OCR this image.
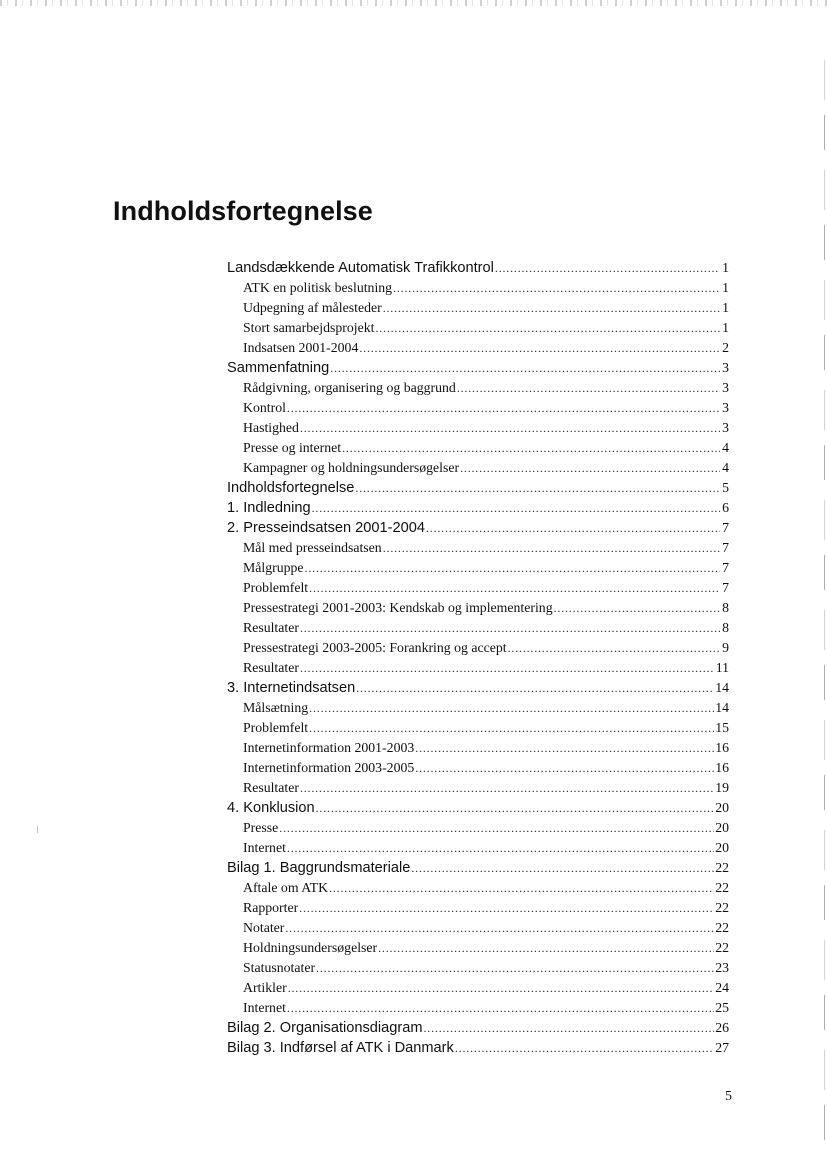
Indholdsfortegnelse
Landsdækkende Automatisk Trafikkontrol .....	1
ATK en politisk beslutning .....	1
Udpegning af målesteder .....	1
Stort samarbejdsprojekt .....	1
Indsatsen 2001-2004 .....	2
Sammenfatning .....	3
Rådgivning, organisering og baggrund .....	3
Kontrol .....	3
Hastighed .....	3
Presse og internet .....	4
Kampagner og holdningsundersøgelser .....	4
Indholdsfortegnelse .....	5
1. Indledning .....	6
2. Presseindsatsen 2001-2004 .....	7
Mål med presseindsatsen .....	7
Målgruppe .....	7
Problemfelt .....	7
Pressestrategi 2001-2003: Kendskab og implementering .....	8
Resultater .....	8
Pressestrategi 2003-2005: Forankring og accept .....	9
Resultater .....	11
3. Internetindsatsen .....	14
Målsætning .....	14
Problemfelt .....	15
Internetinformation 2001-2003 .....	16
Internetinformation 2003-2005 .....	16
Resultater .....	19
4. Konklusion .....	20
Presse .....	20
Internet .....	20
Bilag 1. Baggrundsmateriale .....	22
Aftale om ATK .....	22
Rapporter .....	22
Notater .....	22
Holdningsundersøgelser .....	22
Statusnotater .....	23
Artikler .....	24
Internet .....	25
Bilag 2. Organisationsdiagram .....	26
Bilag 3. Indførsel af ATK i Danmark .....	27
5
